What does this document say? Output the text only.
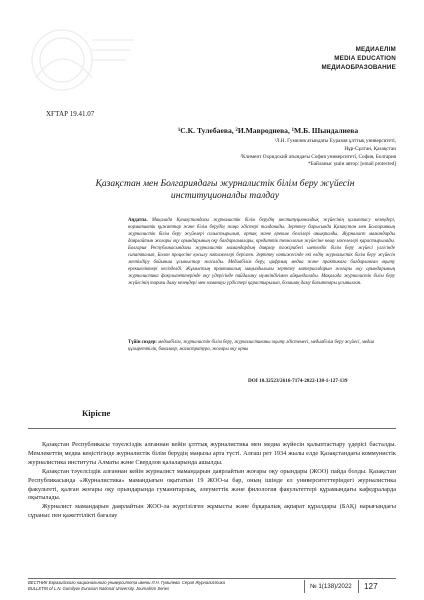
МЕДИАЕЛІМ
MEDIA EDUCATION
МЕДИАОБРАЗОВАНИЕ
ХҒТАР 19.41.07
¹С.К. Тулебаева, ²И.Мавродиева, ¹М.Б. Шындалиева
¹Л.Н. Гумилев атындағы Еуразия ұлттық университеті,
Нұр-Сұлтан, Қазақстан
²Климент Охридский атындағы София университеті, София, Болгария
*Байланыс үшін автор: [email protected]
Қазақстан мен Болгариядағы журналистік білім беру жүйесін институционалды талдау
Аңдатпа. Мақалада Қазақстандағы журналистік білім берудің институционалдық жүйесінің қалыптасу кезеңдері, нормативтік құжаттар және білім берудің жаңа әдістері талданады. Зерттеу барысында Қазақстан мен Болгарияның журналистік білім беру жүйелері салыстырылып, ортақ және ерекше белгілері анықталды. Журналист мамандарды даярлайтын жоғары оқу орындарының оқу бағдарламалары, кредиттік технология жүйесіне көшу мәселелері қарастырылады. Болгария Республикасындағы журналистік мамандардың даярлау тәжірибесі шетелдік білім беру жүйесі үлгісінде сипатталып, Болон процесіне қосылу нәтижелері берілген. Зерттеу нәтижесінде екі елдің журналистік білім беру жүйесін жетілдіру бойынша ұсыныстар жасалды. Медиабілім беру, цифрлық медиа және практикаға бағдарланған оқыту ерекшеліктері негізделді. Жұмыстың практикалық маңыздылығы зерттеу материалдарын жоғары оқу орындарының журналистика факультеттерінде оқу үдерісінде пайдалану мүмкіндігімен айқындалады. Мақалада журналистік білім беру жүйесінің тарихи даму кезеңдері мен заманауи үрдістері қарастырылып, болашақ даму бағыттары ұсынылған.
Түйін сөздер: медиабілім, журналистік білім беру, журналистиканы оқыту әдістемесі, медиабілім беру жүйесі, медиа құзыреттілік, бакалавр, магистратура, жоғары оқу орны
DOI 10.32523/2616-7174-2022-138-1-127-139
Кіріспе

Қазақстан Республикасы тәуелсіздік алғаннан кейін ұлттық журналистика мен медиа жүйесін қалыптастыру үдерісі басталды. Мемлекеттің медиа кеңістігінде журналистік білім берудің маңызы арта түсті. Алғаш рет 1934 жылы елде Қазақстандағы коммунистік журналистика институты Алматы және Свердлов қалаларында ашылды.

Қазақстан тәуелсіздік алғаннан кейін журналист мамандарын даярлайтын жоғары оқу орындары (ЖОО) пайда болды. Қазақстан Республикасында «Журналистика» мамандығын оқытатын 19 ЖОО-ы бар, оның ішінде ел университеттеріндегі журналистика факультеті, қалған жоғары оқу орындарында гуманитарлық, әлеуметтік және филология факультеттері құрамындағы кафедраларда оқытылады.

Журналист мамандарын даярлайтын ЖОО-ла жүргізілген жұмысты және бұқаралық ақпарат құралдары (БАҚ) нарығындағы сұраныс пен қажеттілікті бағалау

ВЕСТНИК Евразийского национального университета имени Л.Н. Гумилева. Серия Журналистика
BULLETIN of L.N. Gumilyov Eurasian National University. Journalism Series	№ 1(138)/2022 127
